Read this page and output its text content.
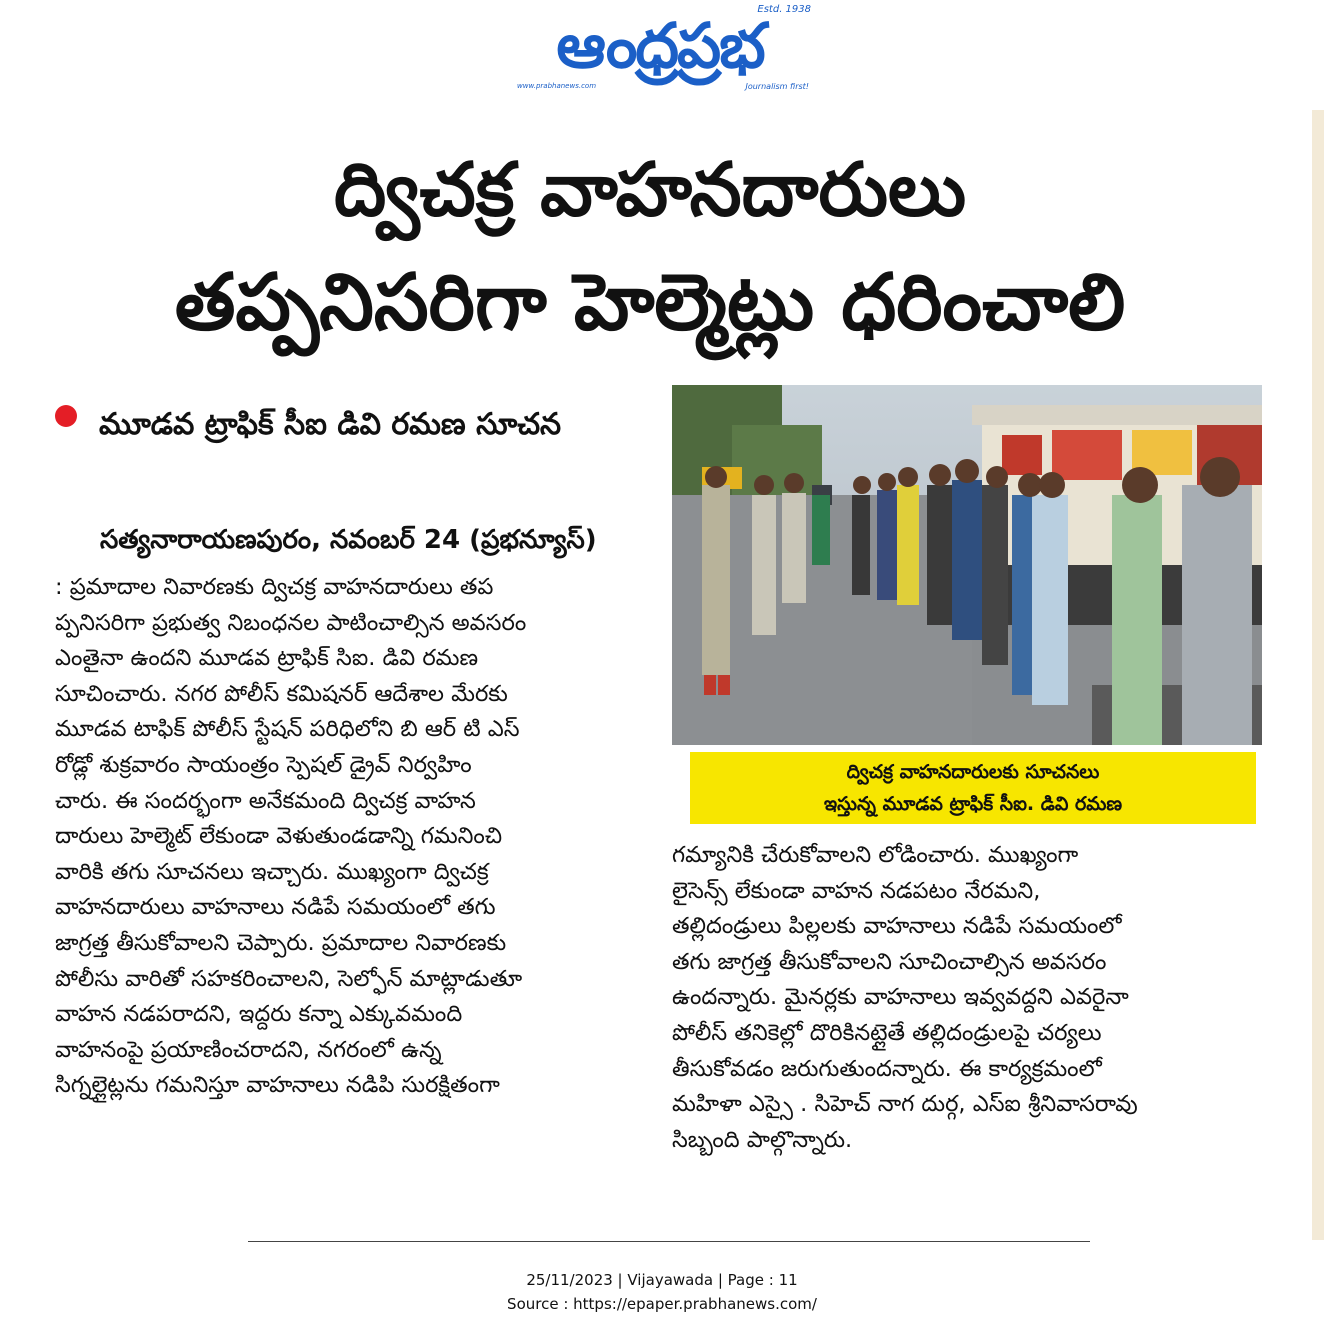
ఆంధ్రప్రభ
Estd. 1938
www.prabhanews.com	Journalism first!
ద్విచక్ర వాహనదారులు
తప్పనిసరిగా హెల్మెట్లు ధరించాలి
మూడవ ట్రాఫిక్ సీఐ డివి రమణ సూచన
సత్యనారాయణపురం, నవంబర్ 24 (ప్రభన్యూస్)
: ప్రమాదాల నివారణకు ద్విచక్ర వాహనదారులు తప
ప్పనిసరిగా ప్రభుత్వ నిబంధనల పాటించాల్సిన అవసరం
ఎంతైనా ఉందని మూడవ ట్రాఫిక్ సిఐ. డివి రమణ
సూచించారు. నగర పోలీస్ కమిషనర్ ఆదేశాల మేరకు
మూడవ టాఫిక్ పోలీస్ స్టేషన్ పరిధిలోని బి ఆర్ టి ఎస్
రోడ్లో శుక్రవారం సాయంత్రం స్పెషల్ డ్రైవ్ నిర్వహిం
చారు. ఈ సందర్భంగా అనేకమంది ద్విచక్ర వాహన
దారులు హెల్మెట్ లేకుండా వెళుతుండడాన్ని గమనించి
వారికి తగు సూచనలు ఇచ్చారు. ముఖ్యంగా ద్విచక్ర
వాహనదారులు వాహనాలు నడిపే సమయంలో తగు
జాగ్రత్త తీసుకోవాలని చెప్పారు. ప్రమాదాల నివారణకు
పోలీసు వారితో సహకరించాలని, సెల్ఫోన్ మాట్లాడుతూ
వాహన నడపరాదని, ఇద్దరు కన్నా ఎక్కువమంది
వాహనంపై ప్రయాణించరాదని, నగరంలో ఉన్న
సిగ్నల్లైట్లను గమనిస్తూ వాహనాలు నడిపి సురక్షితంగా
గమ్యానికి చేరుకోవాలని లోడించారు. ముఖ్యంగా
లైసెన్స్ లేకుండా వాహన నడపటం నేరమని,
తల్లిదండ్రులు పిల్లలకు వాహనాలు నడిపే సమయంలో
తగు జాగ్రత్త తీసుకోవాలని సూచించాల్సిన అవసరం
ఉందన్నారు. మైనర్లకు వాహనాలు ఇవ్వవద్దని ఎవరైనా
పోలీస్ తనికెల్లో దొరికినట్లైతే తల్లిదండ్రులపై చర్యలు
తీసుకోవడం జరుగుతుందన్నారు. ఈ కార్యక్రమంలో
మహిళా ఎస్సై . సిహెచ్ నాగ దుర్గ, ఎస్ఐ శ్రీనివాసరావు
సిబ్బంది పాల్గొన్నారు.
ద్విచక్ర వాహనదారులకు సూచనలు
ఇస్తున్న మూడవ ట్రాఫిక్ సీఐ. డివి రమణ
25/11/2023 | Vijayawada | Page : 11
Source : https://epaper.prabhanews.com/
